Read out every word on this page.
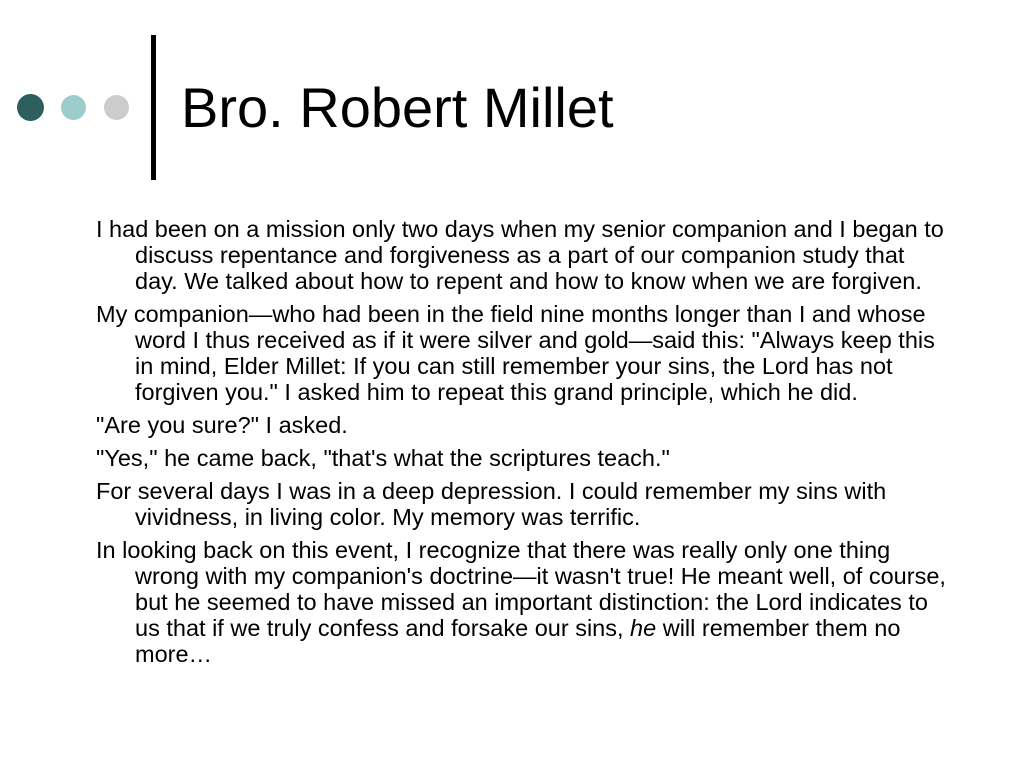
Bro. Robert Millet
I had been on a mission only two days when my senior companion and I began to discuss repentance and forgiveness as a part of our companion study that day. We talked about how to repent and how to know when we are forgiven.
My companion—who had been in the field nine months longer than I and whose word I thus received as if it were silver and gold—said this: "Always keep this in mind, Elder Millet: If you can still remember your sins, the Lord has not forgiven you." I asked him to repeat this grand principle, which he did.
"Are you sure?" I asked.
"Yes," he came back, "that's what the scriptures teach."
For several days I was in a deep depression. I could remember my sins with vividness, in living color. My memory was terrific.
In looking back on this event, I recognize that there was really only one thing wrong with my companion's doctrine—it wasn't true! He meant well, of course, but he seemed to have missed an important distinction: the Lord indicates to us that if we truly confess and forsake our sins, he will remember them no more…
